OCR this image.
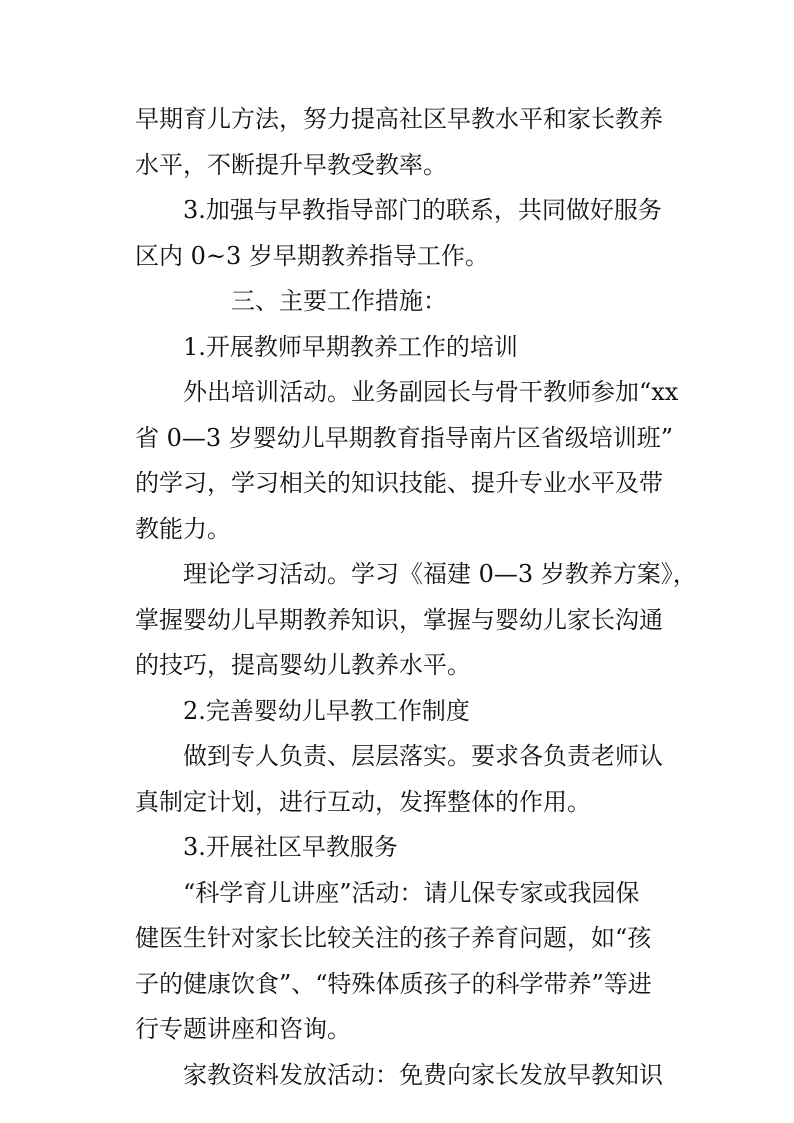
早期育儿方法，努力提高社区早教水平和家长教养
水平，不断提升早教受教率。
3.加强与早教指导部门的联系，共同做好服务
区内 0~3 岁早期教养指导工作。
三、主要工作措施：
1.开展教师早期教养工作的培训
外出培训活动。业务副园长与骨干教师参加“xx
省 0—3 岁婴幼儿早期教育指导南片区省级培训班”
的学习，学习相关的知识技能、提升专业水平及带
教能力。
理论学习活动。学习《福建 0—3 岁教养方案》，
掌握婴幼儿早期教养知识，掌握与婴幼儿家长沟通
的技巧，提高婴幼儿教养水平。
2.完善婴幼儿早教工作制度
做到专人负责、层层落实。要求各负责老师认
真制定计划，进行互动，发挥整体的作用。
3.开展社区早教服务
“科学育儿讲座”活动：请儿保专家或我园保
健医生针对家长比较关注的孩子养育问题，如“孩
子的健康饮食”、“特殊体质孩子的科学带养”等进
行专题讲座和咨询。
家教资料发放活动：免费向家长发放早教知识
